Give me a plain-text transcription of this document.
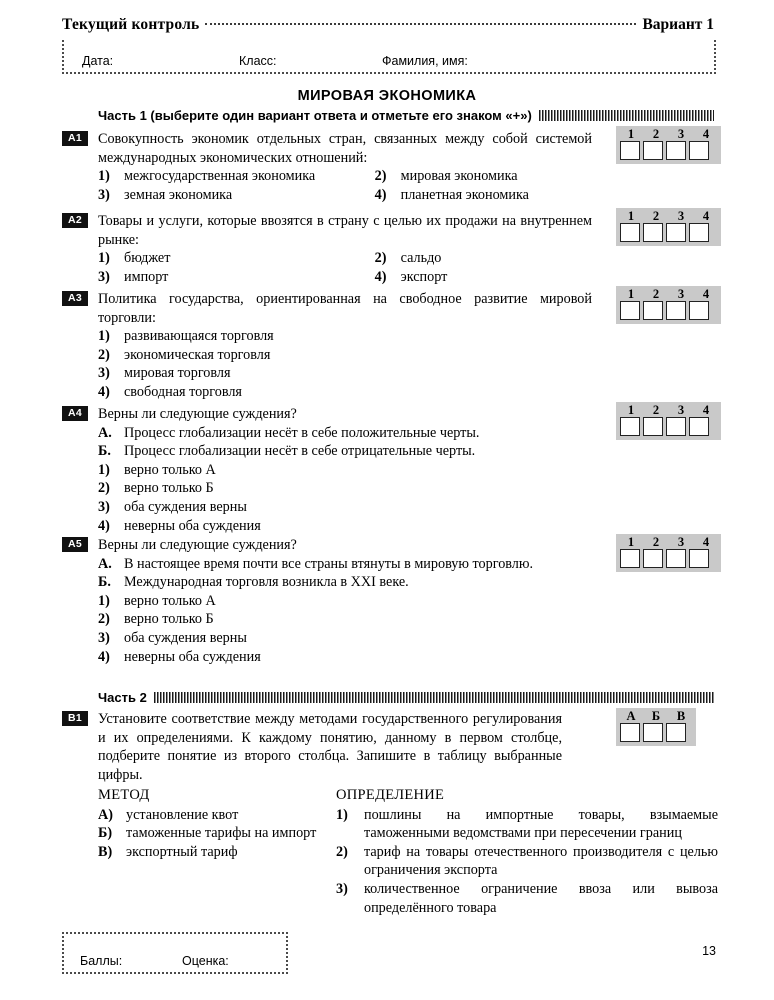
Текущий контроль	Вариант 1
Дата:	Класс:	Фамилия, имя:
МИРОВАЯ ЭКОНОМИКА
Часть 1 (выберите один вариант ответа и отметьте его знаком «+»)
A1	Совокупность экономик отдельных стран, связанных между собой системой международных экономических отношений:
1) межгосударственная экономика	2) мировая экономика
3) земная экономика	4) планетная экономика
1	2	3	4
A2	Товары и услуги, которые ввозятся в страну с целью их продажи на внутреннем рынке:
1) бюджет	2) сальдо
3) импорт	4) экспорт
1	2	3	4
A3	Политика государства, ориентированная на свободное развитие мировой торговли:
1) развивающаяся торговля
2) экономическая торговля
3) мировая торговля
4) свободная торговля
1	2	3	4
A4	Верны ли следующие суждения?
А. Процесс глобализации несёт в себе положительные черты.
Б. Процесс глобализации несёт в себе отрицательные черты.
1) верно только А
2) верно только Б
3) оба суждения верны
4) неверны оба суждения
1	2	3	4
A5	Верны ли следующие суждения?
А. В настоящее время почти все страны втянуты в мировую торговлю.
Б. Международная торговля возникла в XXI веке.
1) верно только А
2) верно только Б
3) оба суждения верны
4) неверны оба суждения
1	2	3	4
Часть 2
B1	Установите соответствие между методами государственного регулирования и их определениями. К каждому понятию, данному в первом столбце, подберите понятие из второго столбца. Запишите в таблицу выбранные цифры.
А	Б	В
МЕТОД
А) установление квот
Б) таможенные тарифы на импорт
В) экспортный тариф
ОПРЕДЕЛЕНИЕ
1)	пошлины на импортные товары, взымаемые таможенными ведомствами при пересечении границ
2)	тариф на товары отечественного производителя с целью ограничения экспорта
3)	количественное ограничение ввоза или вывоза определённого товара
Баллы:	Оценка:
13
